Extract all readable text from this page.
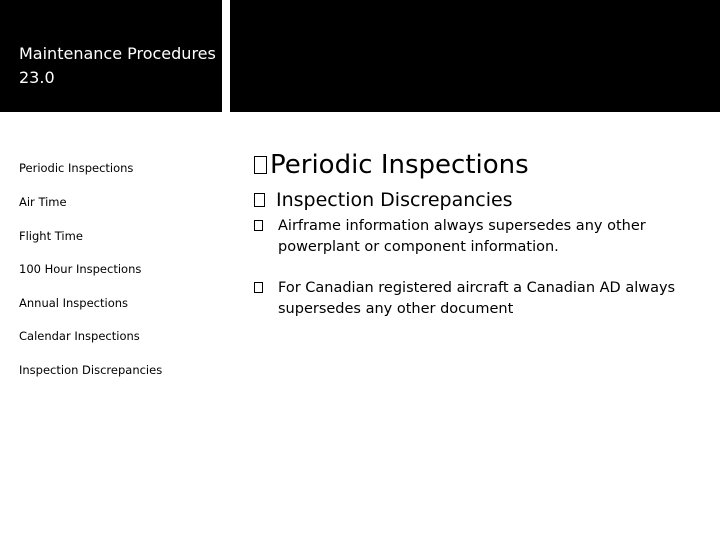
Maintenance Procedures 23.0
Periodic Inspections
Air Time
Flight Time
100 Hour Inspections
Annual Inspections
Calendar Inspections
Inspection Discrepancies
Periodic Inspections
Inspection Discrepancies
Airframe information always supersedes any other powerplant or component information.
For Canadian registered aircraft a Canadian AD always supersedes any other document
